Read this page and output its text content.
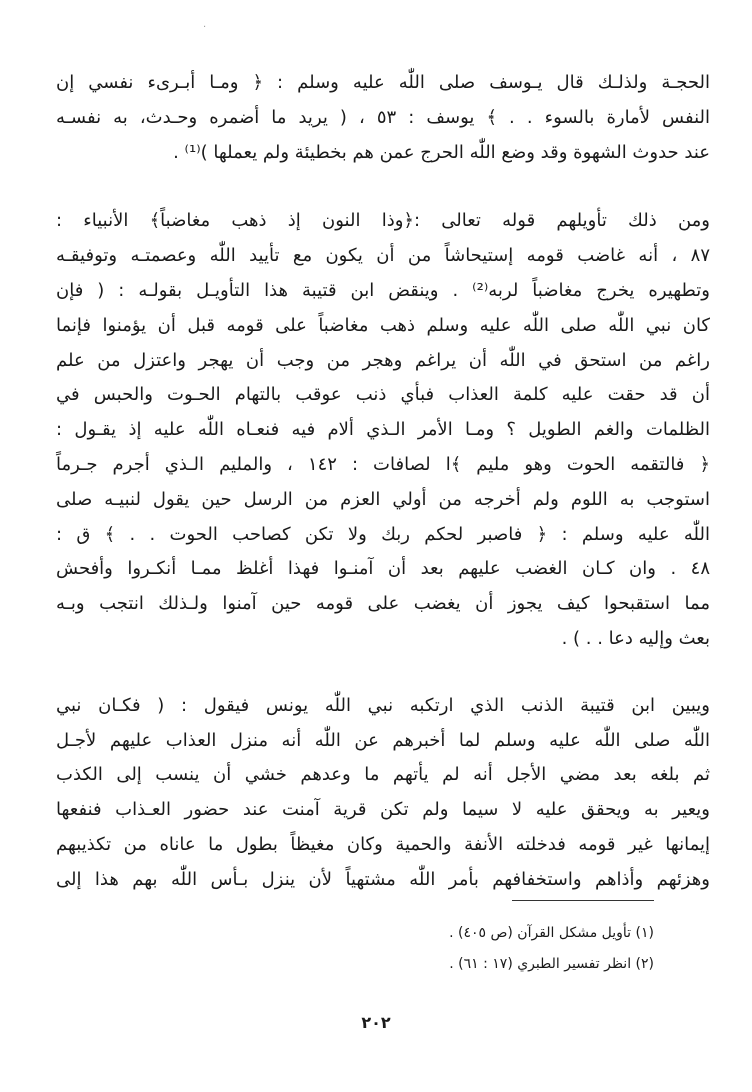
·
الحجـة ولذلـك قال يـوسف صلى اللّٰه عليه وسلم : ﴿ ومـا أبـرىء نفسي إن
النفس لأمارة بالسوء . . ﴾ يوسف : ٥٣ ، ( يريد ما أضمره وحـدث، به نفسـه
عند حدوث الشهوة وقد وضع اللّٰه الحرج عمن هم بخطيئة ولم يعملها )⁽¹⁾ .
ومن ذلك تأويلهم قوله تعالى :﴿وذا النون إذ ذهب مغاضباً﴾ الأنبياء :
٨٧ ، أنه غاضب قومه إستيحاشاً من أن يكون مع تأييد اللّٰه وعصمتـه وتوفيقـه
وتطهيره يخرج مغاضباً لربه⁽²⁾ . وينقض ابن قتيبة هذا التأويـل بقولـه : ( فإن
كان نبي اللّٰه صلى اللّٰه عليه وسلم ذهب مغاضباً على قومه قبل أن يؤمنوا فإنما
راغم من استحق في اللّٰه أن يراغم وهجر من وجب أن يهجر واعتزل من علم
أن قد حقت عليه كلمة العذاب فبأي ذنب عوقب بالتهام الحـوت والحبس في
الظلمات والغم الطويل ؟ ومـا الأمر الـذي ألام فيه فنعـاه اللّٰه عليه إذ يقـول :
﴿ فالتقمه الحوت وهو مليم ﴾ا لصافات : ١٤٢ ، والمليم الـذي أجرم جـرماً
استوجب به اللوم ولم أخرجه من أولي العزم من الرسل حين يقول لنبيـه صلى
اللّٰه عليه وسلم : ﴿ فاصبر لحكم ربك ولا تكن كصاحب الحوت . . ﴾ ق :
٤٨ . وان كـان الغضب عليهم بعد أن آمنـوا فهذا أغلظ ممـا أنكـروا وأفحش
مما استقبحوا كيف يجوز أن يغضب على قومه حين آمنوا ولـذلك انتجب وبـه
بعث وإليه دعا . . ) .
ويبين ابن قتيبة الذنب الذي ارتكبه نبي اللّٰه يونس فيقول : ( فكـان نبي
اللّٰه صلى اللّٰه عليه وسلم لما أخبرهم عن اللّٰه أنه منزل العذاب عليهم لأجـل
ثم بلغه بعد مضي الأجل أنه لم يأتهم ما وعدهم خشي أن ينسب إلى الكذب
ويعير به ويحقق عليه لا سيما ولم تكن قرية آمنت عند حضور العـذاب فنفعها
إيمانها غير قومه فدخلته الأنفة والحمية وكان مغيظاً بطول ما عاناه من تكذيبهم
وهزئهم وأذاهم واستخفافهم بأمر اللّٰه مشتهياً لأن ينزل بـأس اللّٰه بهم هذا إلى
(١) تأويل مشكل القرآن (ص ٤٠٥) .
(٢) انظر تفسير الطبري (١٧ : ٦١) .
٢٠٢
